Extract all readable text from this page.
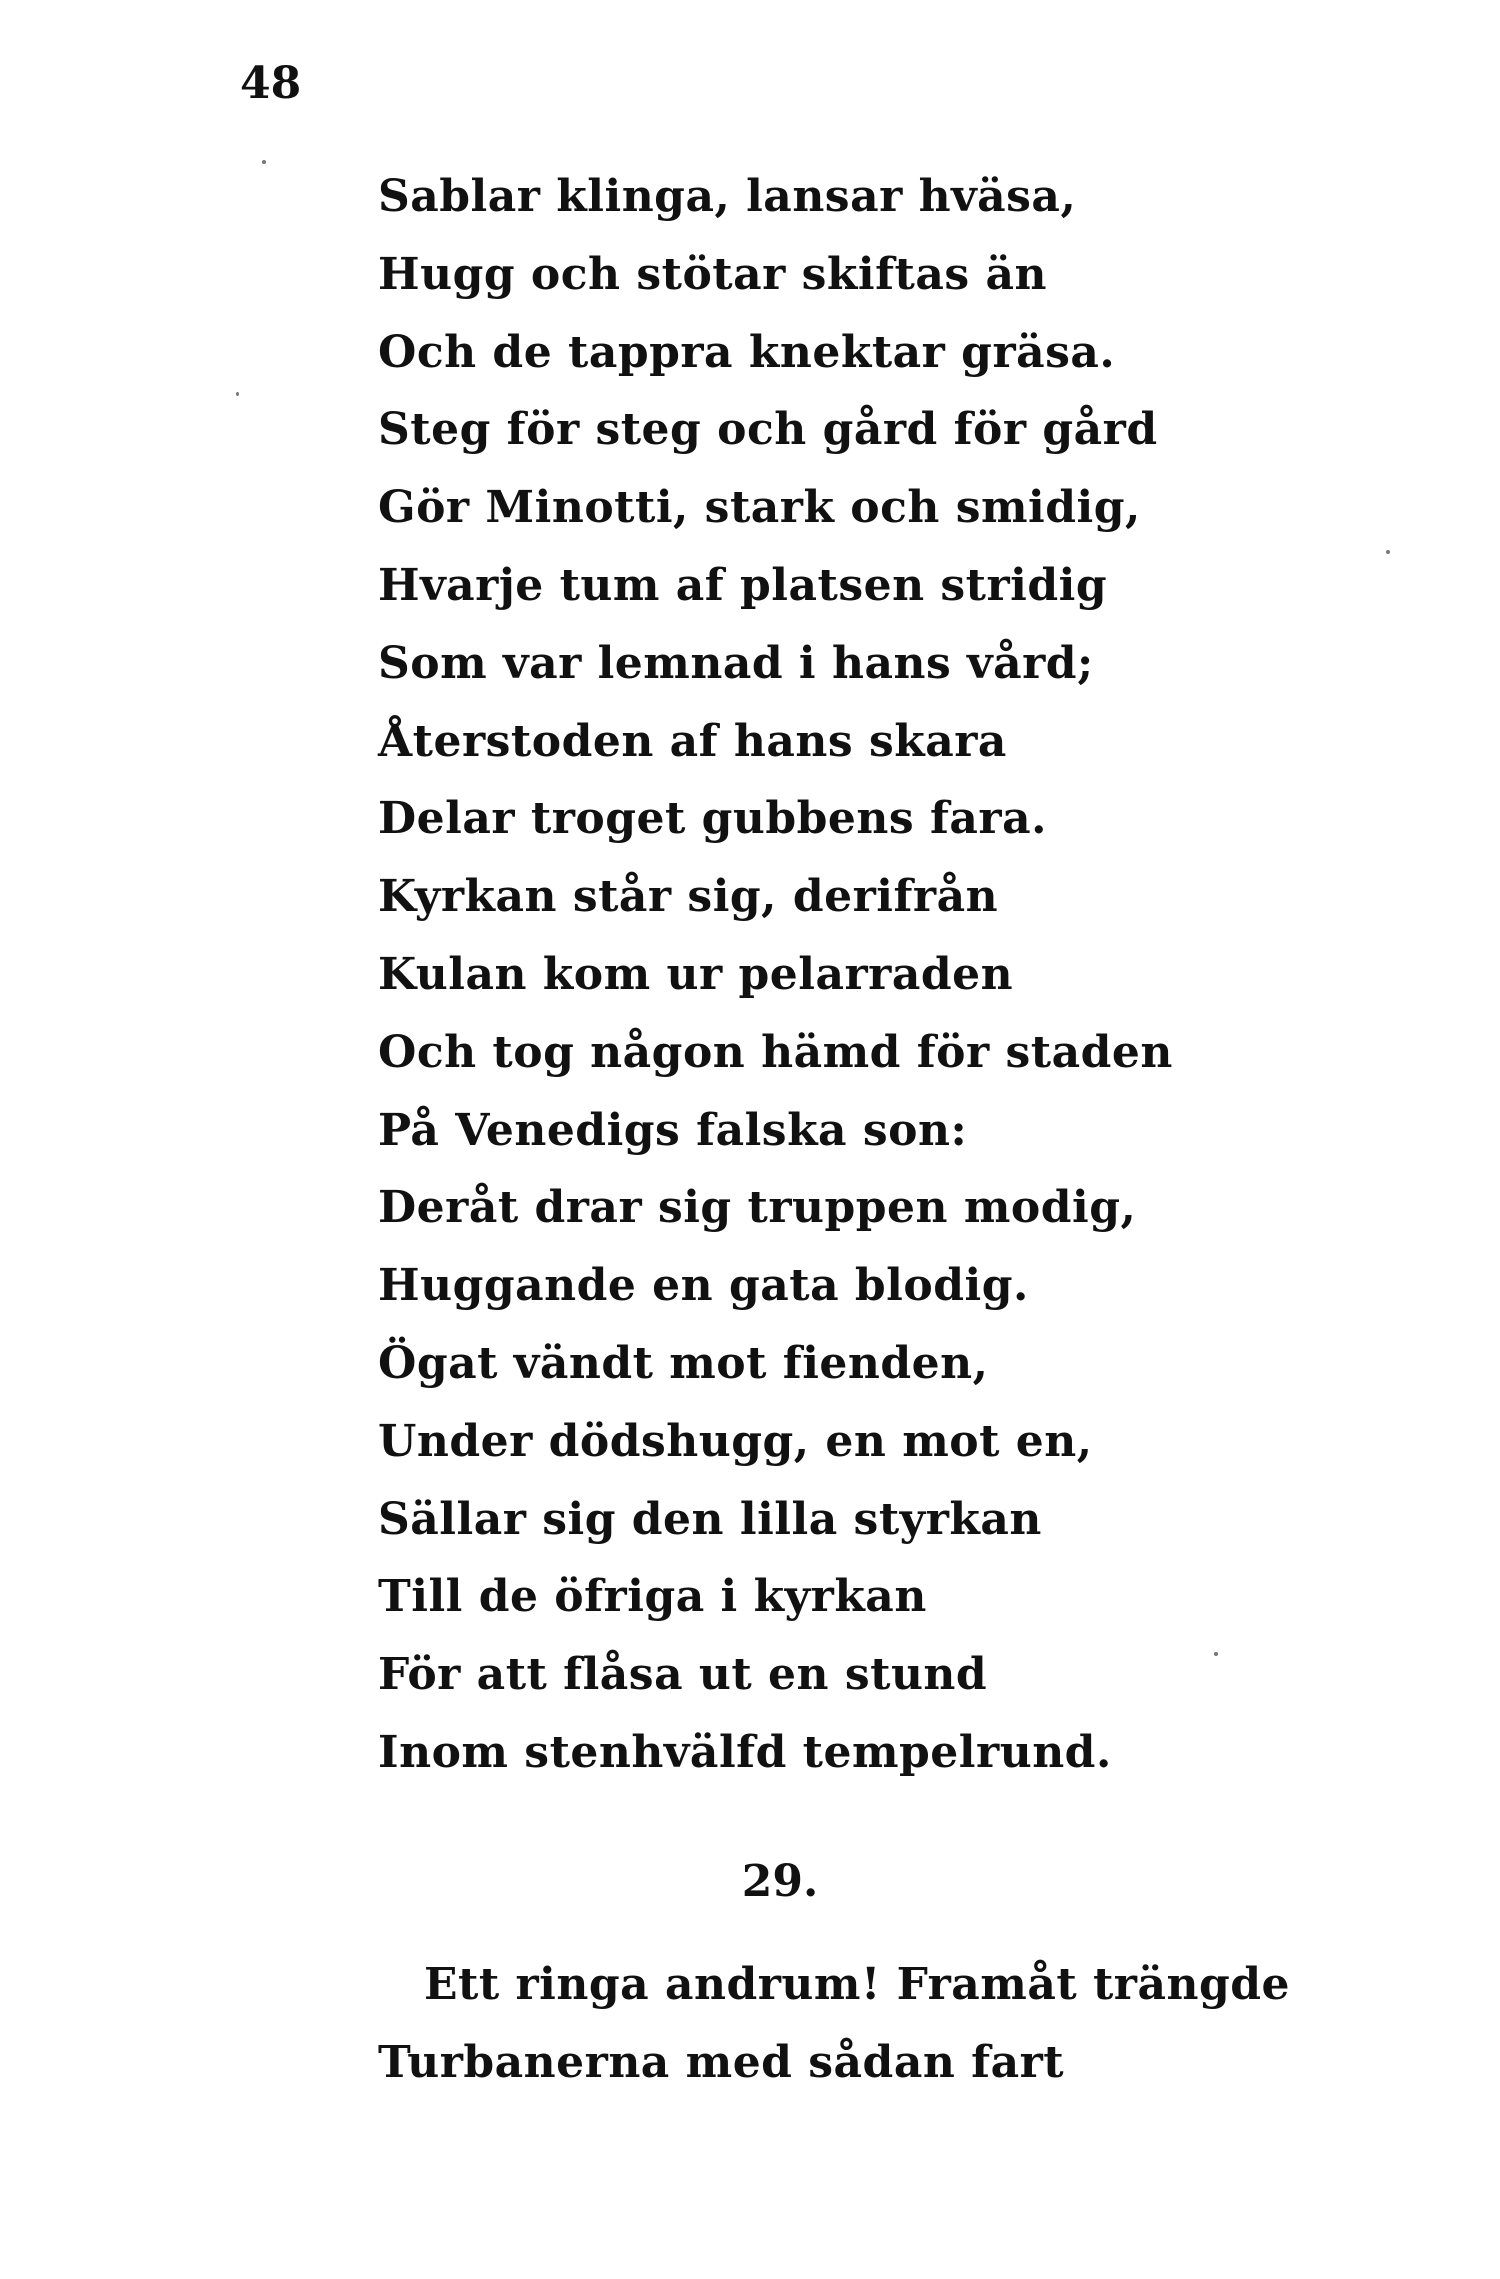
48
Sablar klinga, lansar hväsa,
Hugg och stötar skiftas än
Och de tappra knektar gräsa.
Steg för steg och gård för gård
Gör Minotti, stark och smidig,
Hvarje tum af platsen stridig
Som var lemnad i hans vård;
Återstoden af hans skara
Delar troget gubbens fara.
Kyrkan står sig, derifrån
Kulan kom ur pelarraden
Och tog någon hämd för staden
På Venedigs falska son:
Deråt drar sig truppen modig,
Huggande en gata blodig.
Ögat vändt mot fienden,
Under dödshugg, en mot en,
Sällar sig den lilla styrkan
Till de öfriga i kyrkan
För att flåsa ut en stund
Inom stenhvälfd tempelrund.
29.
Ett ringa andrum! Framåt trängde
Turbanerna med sådan fart
